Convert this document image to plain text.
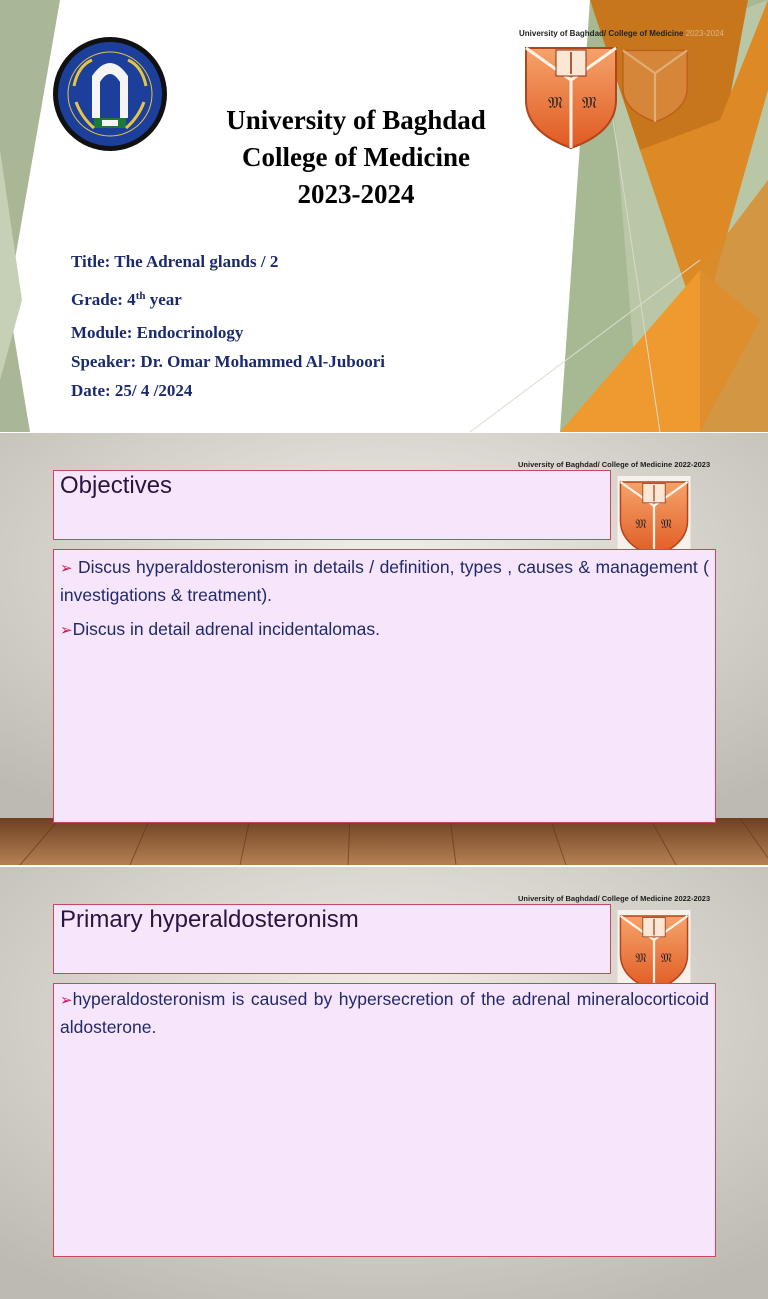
University of Baghdad
College of Medicine
2023-2024
University of Baghdad/ College of Medicine 2023-2024
𝔐 𝔐
Title: The Adrenal glands / 2
Grade: 4th year
Module: Endocrinology
Speaker: Dr. Omar Mohammed Al-Juboori
Date: 25/ 4 /2024
University of Baghdad/ College of Medicine 2022-2023
Objectives
𝔐 𝔐
➢ Discus hyperaldosteronism in details / definition, types , causes & management ( investigations & treatment).
➢Discus in detail adrenal incidentalomas.
University of Baghdad/ College of Medicine 2022-2023
Primary hyperaldosteronism
𝔐 𝔐
➢hyperaldosteronism is caused by hypersecretion of the adrenal mineralocorticoid aldosterone.
